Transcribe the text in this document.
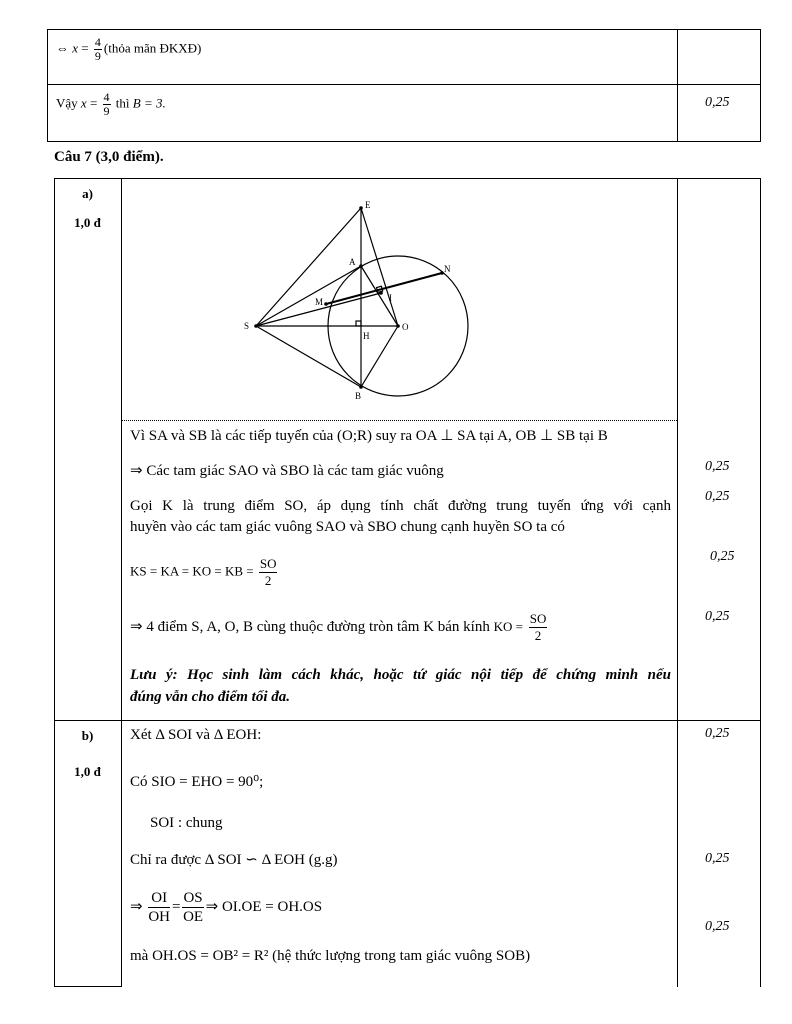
⇔ $x = \frac{4}{9}$ (thỏa mãn ĐKXĐ)
Vậy $x = \frac{4}{9}$ thì B = 3.	0,25
Câu 7 (3,0 điểm).
a)
1,0 đ
E
A
N
M	I
S
H
O
B
Vì SA và SB là các tiếp tuyến của (O;R) suy ra OA ⊥ SA tại A, OB ⊥ SB tại B
⇒ Các tam giác SAO và SBO là các tam giác vuông
Gọi K là trung điểm SO, áp dụng tính chất đường trung tuyến ứng với cạnh
huyền vào các tam giác vuông SAO và SBO chung cạnh huyền SO ta có
KS = KA = KO = KB = $\frac{SO}{2}$
⇒ 4 điểm S, A, O, B cùng thuộc đường tròn tâm K bán kính KO = $\frac{SO}{2}$
Lưu ý: Học sinh làm cách khác, hoặc tứ giác nội tiếp để chứng minh nếu
đúng vẫn cho điểm tối đa.
0,25
0,25
0,25
0,25
b)
1,0 đ
Xét Δ SOI và Δ EOH:
Có SIO = EHO = 90⁰;
SOI : chung
Chỉ ra được Δ SOI ∽ Δ EOH (g.g)
⇒ $\frac{OI}{OH} = \frac{OS}{OE}$ ⇒ OI.OE = OH.OS
mà OH.OS = OB² = R² (hệ thức lượng trong tam giác vuông SOB)
0,25
0,25
0,25
